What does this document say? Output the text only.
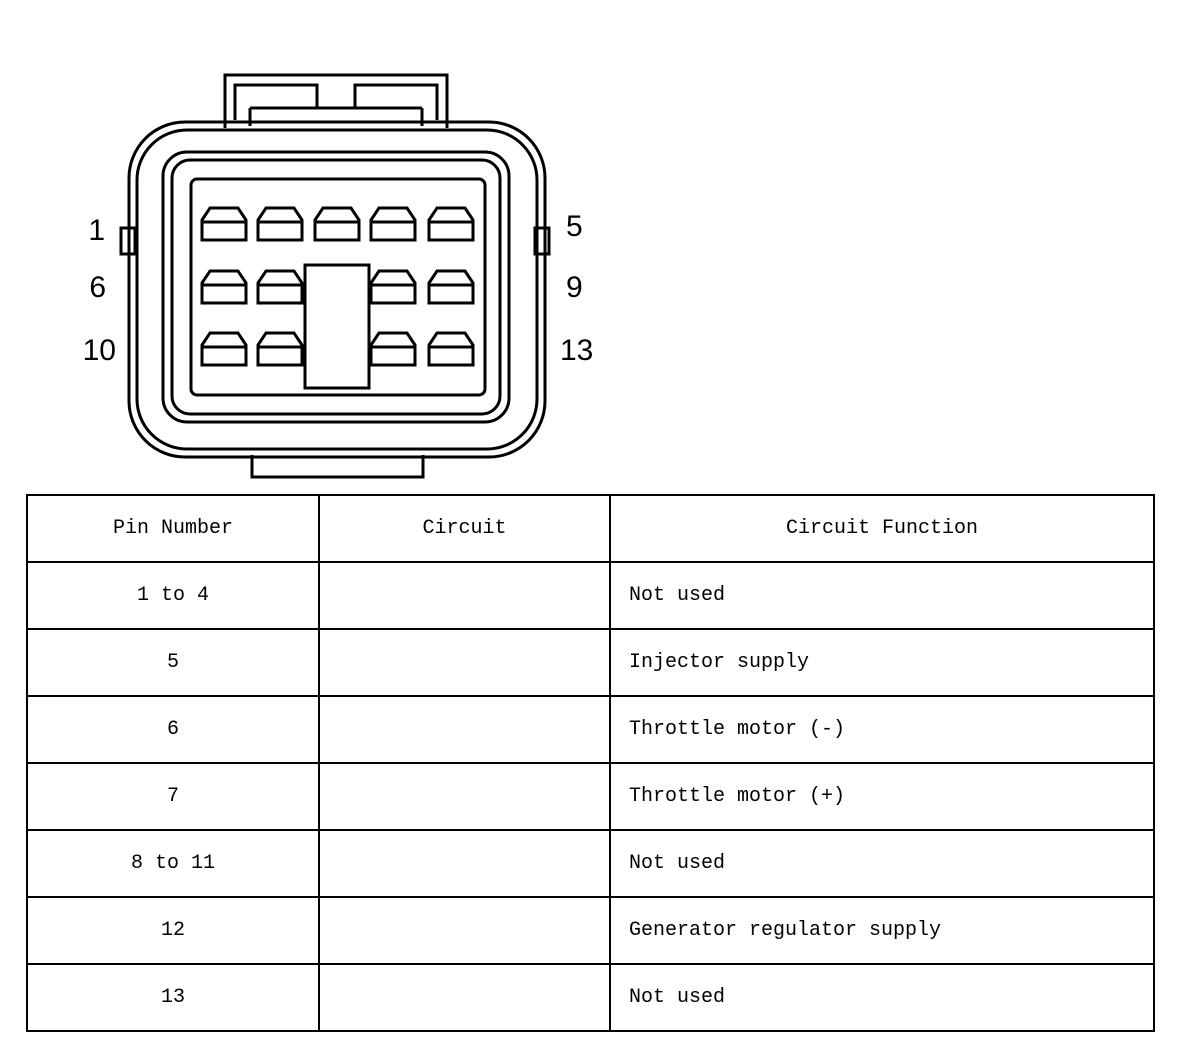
1	5
6	9
10	13
Pin Number	Circuit	Circuit Function
1 to 4		Not used
5		Injector supply
6		Throttle motor (-)
7		Throttle motor (+)
8 to 11		Not used
12		Generator regulator supply
13		Not used
